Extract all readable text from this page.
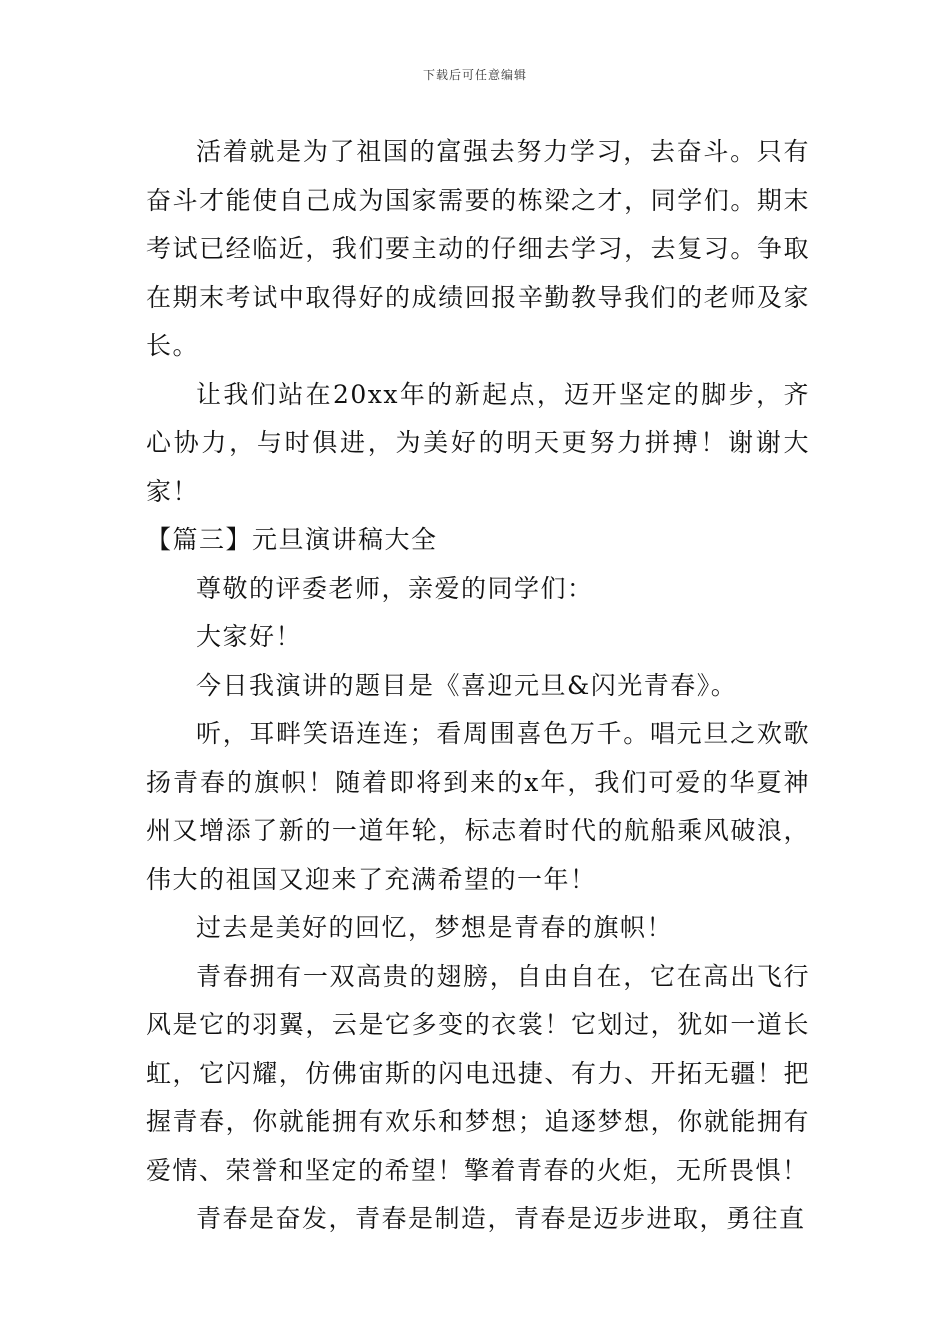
下载后可任意编辑

活着就是为了祖国的富强去努力学习，去奋斗。只有奋斗才能使自己成为国家需要的栋梁之才，同学们。期末考试已经临近，我们要主动的仔细去学习，去复习。争取在期末考试中取得好的成绩回报辛勤教导我们的老师及家长。

让我们站在20xx年的新起点，迈开坚定的脚步，齐心协力，与时俱进，为美好的明天更努力拼搏！谢谢大家！

【篇三】元旦演讲稿大全

尊敬的评委老师，亲爱的同学们：

大家好！

今日我演讲的题目是《喜迎元旦&闪光青春》。

听，耳畔笑语连连；看周围喜色万千。唱元旦之欢歌扬青春的旗帜！随着即将到来的x年，我们可爱的华夏神州又增添了新的一道年轮，标志着时代的航船乘风破浪，伟大的祖国又迎来了充满希望的一年！

过去是美好的回忆，梦想是青春的旗帜！

青春拥有一双高贵的翅膀，自由自在，它在高出飞行风是它的羽翼，云是它多变的衣裳！它划过，犹如一道长虹，它闪耀，仿佛宙斯的闪电迅捷、有力、开拓无疆！把握青春，你就能拥有欢乐和梦想；追逐梦想，你就能拥有爱情、荣誉和坚定的希望！擎着青春的火炬，无所畏惧！

青春是奋发，青春是制造，青春是迈步进取，勇往直
